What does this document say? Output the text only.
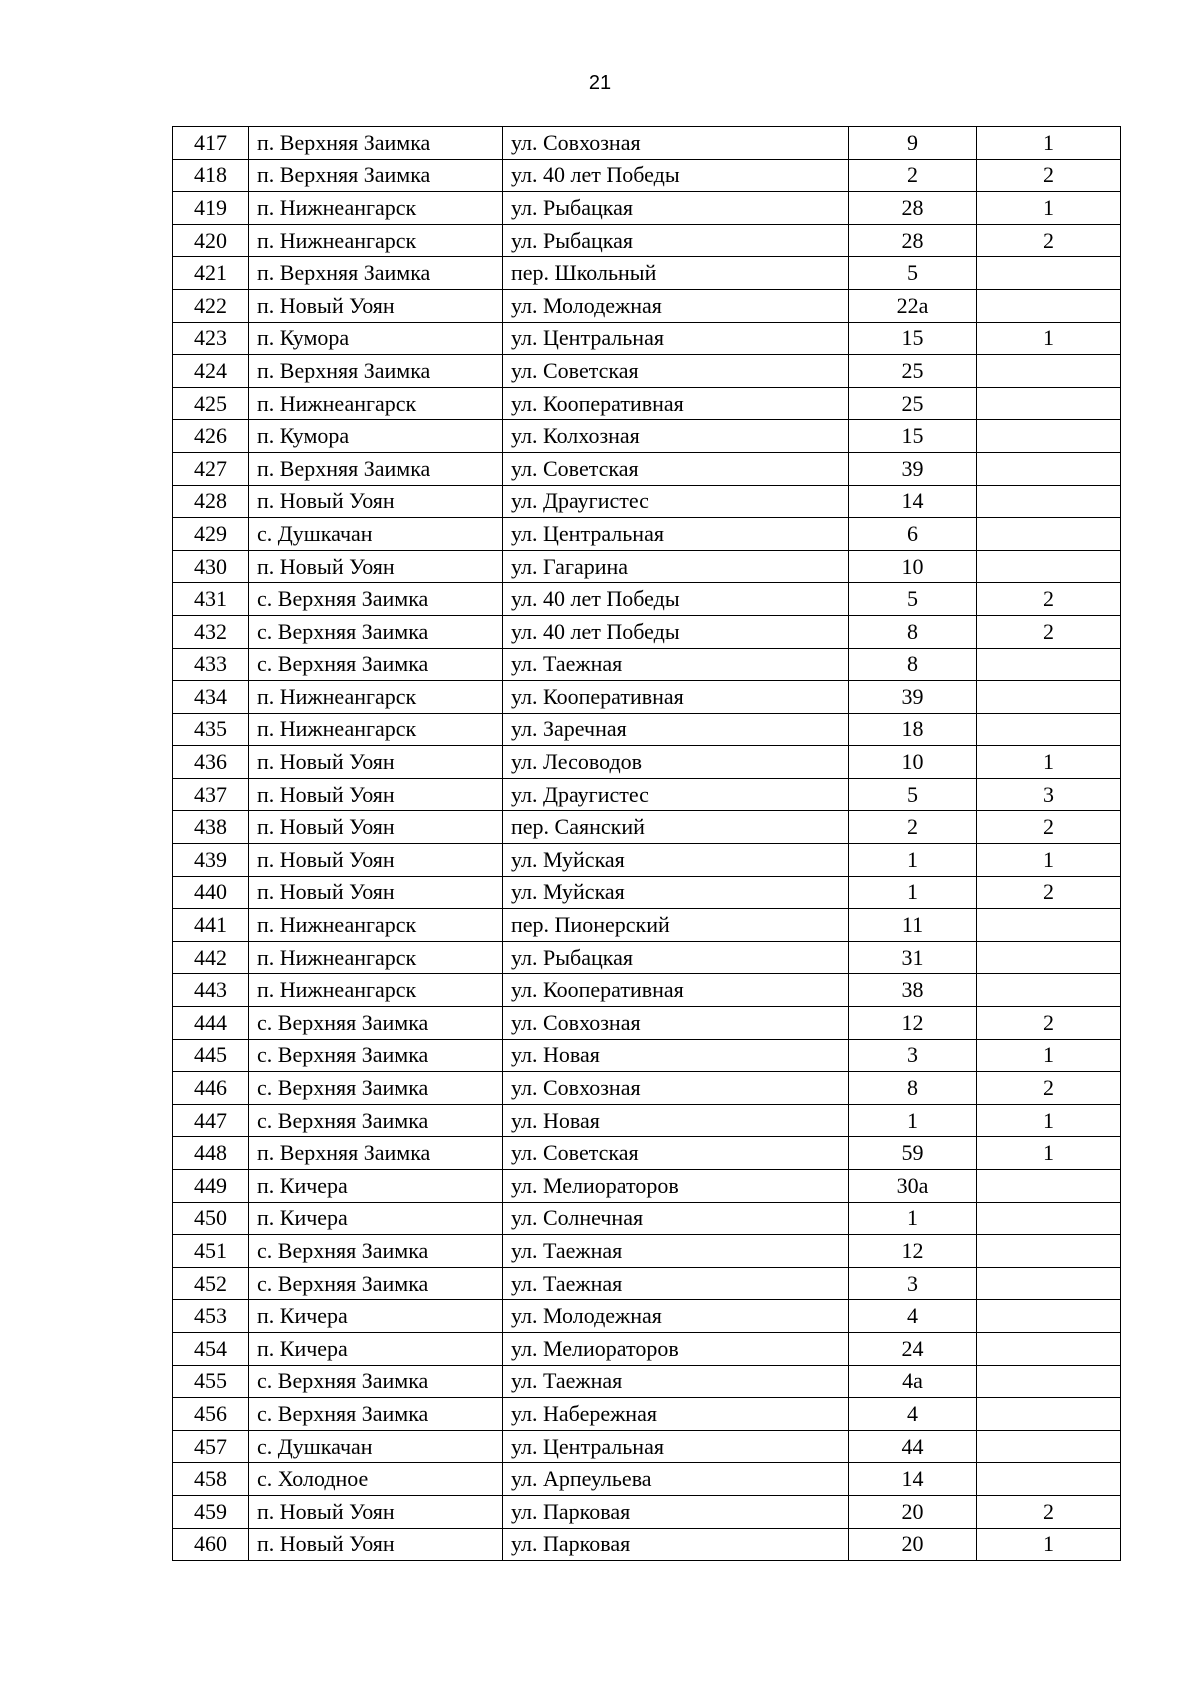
21
417	п. Верхняя Заимка	ул. Совхозная	9	1
418	п. Верхняя Заимка	ул. 40 лет Победы	2	2
419	п. Нижнеангарск	ул. Рыбацкая	28	1
420	п. Нижнеангарск	ул. Рыбацкая	28	2
421	п. Верхняя Заимка	пер. Школьный	5	
422	п. Новый Уоян	ул. Молодежная	22а	
423	п. Кумора	ул. Центральная	15	1
424	п. Верхняя Заимка	ул. Советская	25	
425	п. Нижнеангарск	ул. Кооперативная	25	
426	п. Кумора	ул. Колхозная	15	
427	п. Верхняя Заимка	ул. Советская	39	
428	п. Новый Уоян	ул. Драугистес	14	
429	с. Душкачан	ул. Центральная	6	
430	п. Новый Уоян	ул. Гагарина	10	
431	с. Верхняя Заимка	ул. 40 лет Победы	5	2
432	с. Верхняя Заимка	ул. 40 лет Победы	8	2
433	с. Верхняя Заимка	ул. Таежная	8	
434	п. Нижнеангарск	ул. Кооперативная	39	
435	п. Нижнеангарск	ул. Заречная	18	
436	п. Новый Уоян	ул. Лесоводов	10	1
437	п. Новый Уоян	ул. Драугистес	5	3
438	п. Новый Уоян	пер. Саянский	2	2
439	п. Новый Уоян	ул. Муйская	1	1
440	п. Новый Уоян	ул. Муйская	1	2
441	п. Нижнеангарск	пер. Пионерский	11	
442	п. Нижнеангарск	ул. Рыбацкая	31	
443	п. Нижнеангарск	ул. Кооперативная	38	
444	с. Верхняя Заимка	ул. Совхозная	12	2
445	с. Верхняя Заимка	ул. Новая	3	1
446	с. Верхняя Заимка	ул. Совхозная	8	2
447	с. Верхняя Заимка	ул. Новая	1	1
448	п. Верхняя Заимка	ул. Советская	59	1
449	п. Кичера	ул. Мелиораторов	30а	
450	п. Кичера	ул. Солнечная	1	
451	с. Верхняя Заимка	ул. Таежная	12	
452	с. Верхняя Заимка	ул. Таежная	3	
453	п. Кичера	ул. Молодежная	4	
454	п. Кичера	ул. Мелиораторов	24	
455	с. Верхняя Заимка	ул. Таежная	4а	
456	с. Верхняя Заимка	ул. Набережная	4	
457	с. Душкачан	ул. Центральная	44	
458	с. Холодное	ул. Арпеульева	14	
459	п. Новый Уоян	ул. Парковая	20	2
460	п. Новый Уоян	ул. Парковая	20	1
